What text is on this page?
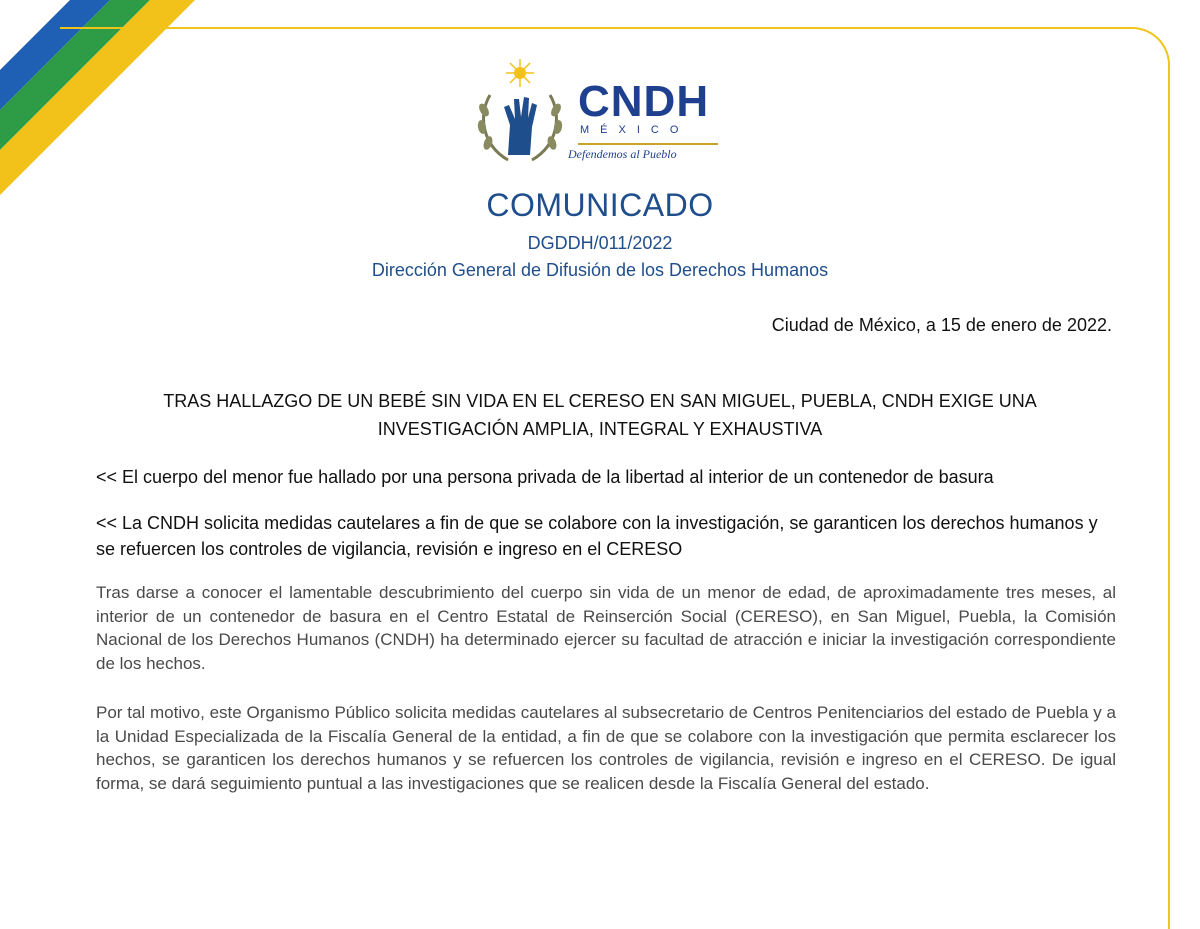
CNDH
MÉXICO
Defendemos al Pueblo
COMUNICADO
DGDDH/011/2022
Dirección General de Difusión de los Derechos Humanos
Ciudad de México, a 15 de enero de 2022.
TRAS HALLAZGO DE UN BEBÉ SIN VIDA EN EL CERESO EN SAN MIGUEL, PUEBLA, CNDH EXIGE UNA INVESTIGACIÓN AMPLIA, INTEGRAL Y EXHAUSTIVA
<< El cuerpo del menor fue hallado por una persona privada de la libertad al interior de un contenedor de basura
<< La CNDH solicita medidas cautelares a fin de que se colabore con la investigación, se garanticen los derechos humanos y se refuercen los controles de vigilancia, revisión e ingreso en el CERESO
Tras darse a conocer el lamentable descubrimiento del cuerpo sin vida de un menor de edad, de aproximadamente tres meses, al interior de un contenedor de basura en el Centro Estatal de Reinserción Social (CERESO), en San Miguel, Puebla, la Comisión Nacional de los Derechos Humanos (CNDH) ha determinado ejercer su facultad de atracción e iniciar la investigación correspondiente de los hechos.
Por tal motivo, este Organismo Público solicita medidas cautelares al subsecretario de Centros Penitenciarios del estado de Puebla y a la Unidad Especializada de la Fiscalía General de la entidad, a fin de que se colabore con la investigación que permita esclarecer los hechos, se garanticen los derechos humanos y se refuercen los controles de vigilancia, revisión e ingreso en el CERESO. De igual forma, se dará seguimiento puntual a las investigaciones que se realicen desde la Fiscalía General del estado.
